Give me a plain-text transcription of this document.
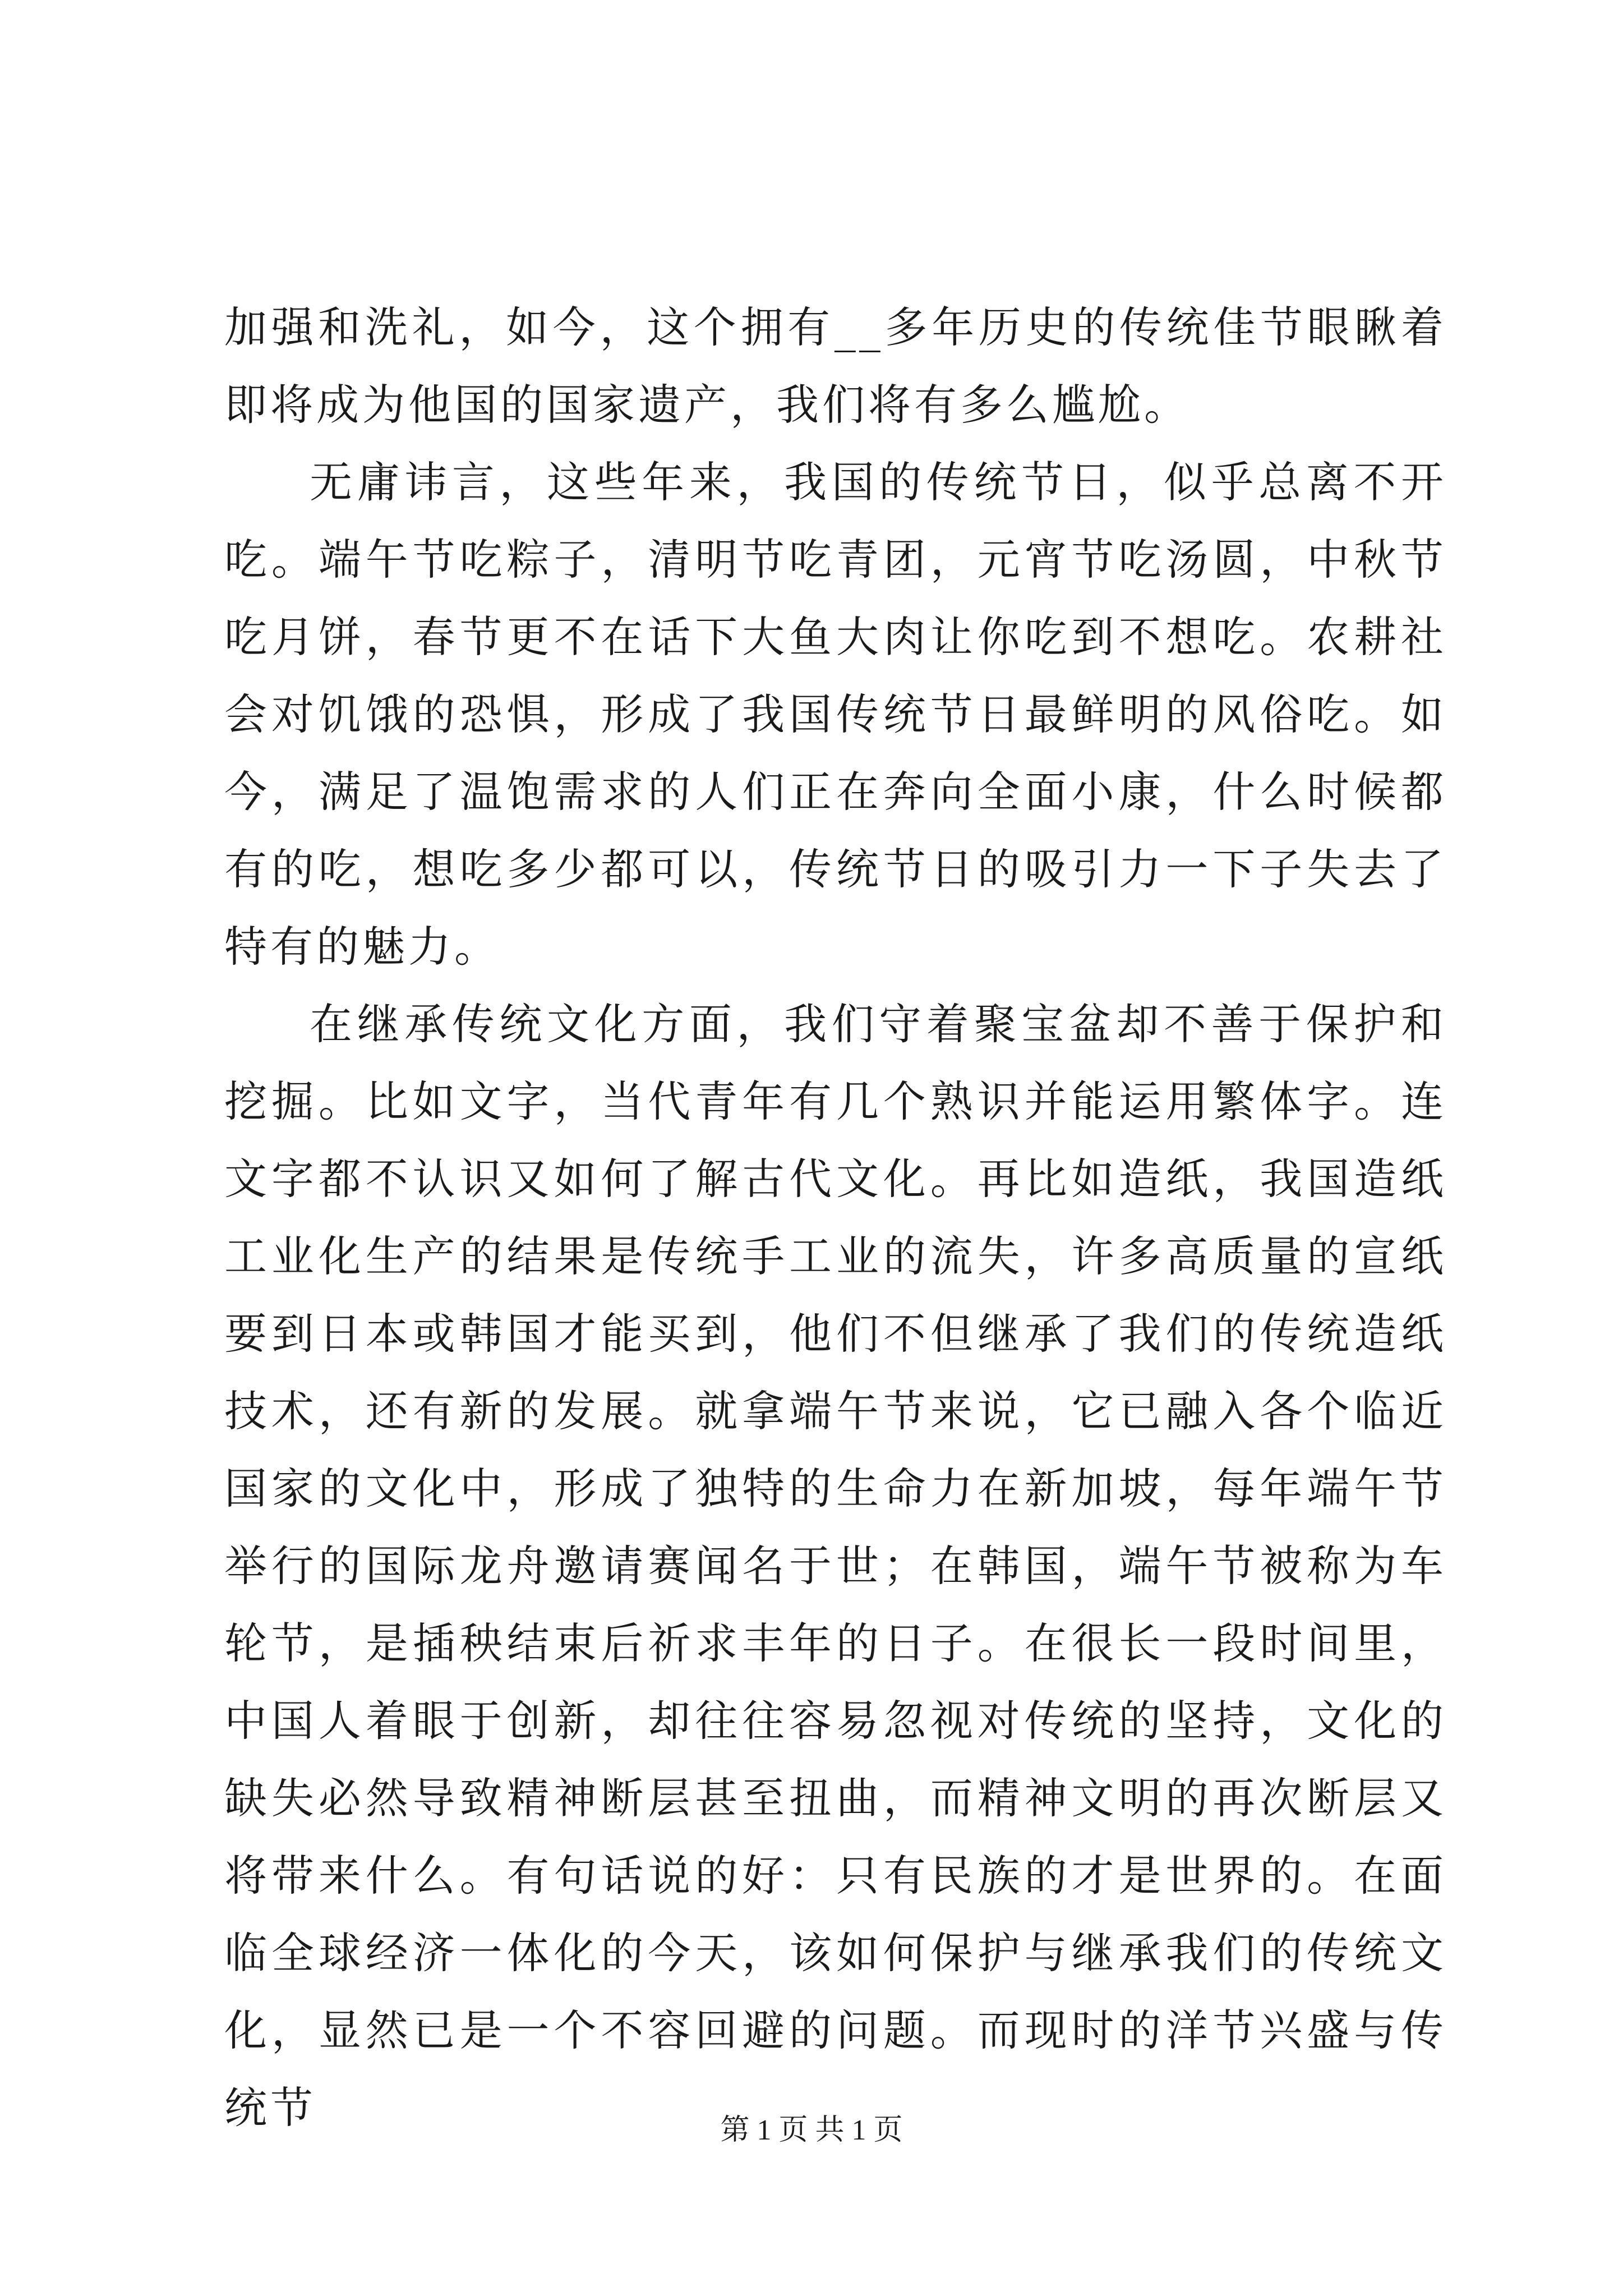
加强和洗礼，如今，这个拥有__多年历史的传统佳节眼瞅着即将成为他国的国家遗产，我们将有多么尴尬。

无庸讳言，这些年来，我国的传统节日，似乎总离不开吃。端午节吃粽子，清明节吃青团，元宵节吃汤圆，中秋节吃月饼，春节更不在话下大鱼大肉让你吃到不想吃。农耕社会对饥饿的恐惧，形成了我国传统节日最鲜明的风俗吃。如今，满足了温饱需求的人们正在奔向全面小康，什么时候都有的吃，想吃多少都可以，传统节日的吸引力一下子失去了特有的魅力。

在继承传统文化方面，我们守着聚宝盆却不善于保护和挖掘。比如文字，当代青年有几个熟识并能运用繁体字。连文字都不认识又如何了解古代文化。再比如造纸，我国造纸工业化生产的结果是传统手工业的流失，许多高质量的宣纸要到日本或韩国才能买到，他们不但继承了我们的传统造纸技术，还有新的发展。就拿端午节来说，它已融入各个临近国家的文化中，形成了独特的生命力在新加坡，每年端午节举行的国际龙舟邀请赛闻名于世；在韩国，端午节被称为车轮节，是插秧结束后祈求丰年的日子。在很长一段时间里，中国人着眼于创新，却往往容易忽视对传统的坚持，文化的缺失必然导致精神断层甚至扭曲，而精神文明的再次断层又将带来什么。有句话说的好：只有民族的才是世界的。在面临全球经济一体化的今天，该如何保护与继承我们的传统文化，显然已是一个不容回避的问题。而现时的洋节兴盛与传统节	第 1 页 共 1 页
